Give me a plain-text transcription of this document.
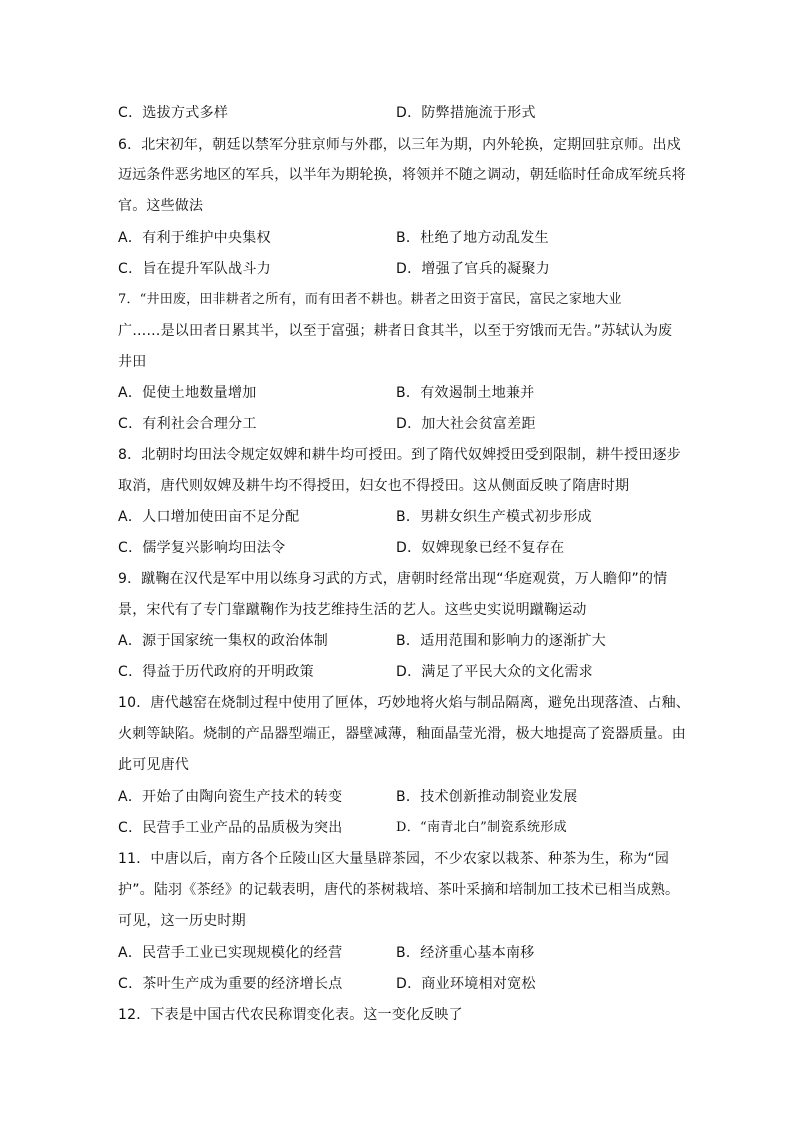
C．选拔方式多样	D．防弊措施流于形式
6．北宋初年，朝廷以禁军分驻京师与外郡，以三年为期，内外轮换，定期回驻京师。出戍
迈远条件恶劣地区的军兵，以半年为期轮换，将领并不随之调动，朝廷临时任命成军统兵将
官。这些做法
A．有利于维护中央集权	B．杜绝了地方动乱发生
C．旨在提升军队战斗力	D．增强了官兵的凝聚力
7．“井田废，田非耕者之所有，而有田者不耕也。耕者之田资于富民，富民之家地大业
广……是以田者日累其半，以至于富强；耕者日食其半，以至于穷饿而无告。”苏轼认为废
井田
A．促使土地数量增加	B．有效遏制土地兼并
C．有利社会合理分工	D．加大社会贫富差距
8．北朝时均田法令规定奴婢和耕牛均可授田。到了隋代奴婢授田受到限制，耕牛授田逐步
取消，唐代则奴婢及耕牛均不得授田，妇女也不得授田。这从侧面反映了隋唐时期
A．人口增加使田亩不足分配	B．男耕女织生产模式初步形成
C．儒学复兴影响均田法令	D．奴婢现象已经不复存在
9．蹴鞠在汉代是军中用以练身习武的方式，唐朝时经常出现“华庭观赏，万人瞻仰”的情
景，宋代有了专门靠蹴鞠作为技艺维持生活的艺人。这些史实说明蹴鞠运动
A．源于国家统一集权的政治体制	B．适用范围和影响力的逐渐扩大
C．得益于历代政府的开明政策	D．满足了平民大众的文化需求
10．唐代越窑在烧制过程中使用了匣体，巧妙地将火焰与制品隔离，避免出现落渣、占釉、
火刺等缺陷。烧制的产品器型端正，器壁减薄，釉面晶莹光滑，极大地提高了瓷器质量。由
此可见唐代
A．开始了由陶向瓷生产技术的转变	B．技术创新推动制瓷业发展
C．民营手工业产品的品质极为突出	D．“南青北白”制瓷系统形成
11．中唐以后，南方各个丘陵山区大量垦辟茶园，不少农家以栽茶、种茶为生，称为“园
护”。陆羽《茶经》的记载表明，唐代的茶树栽培、茶叶采摘和培制加工技术已相当成熟。
可见，这一历史时期
A．民营手工业已实现规模化的经营	B．经济重心基本南移
C．茶叶生产成为重要的经济增长点	D．商业环境相对宽松
12．下表是中国古代农民称谓变化表。这一变化反映了
